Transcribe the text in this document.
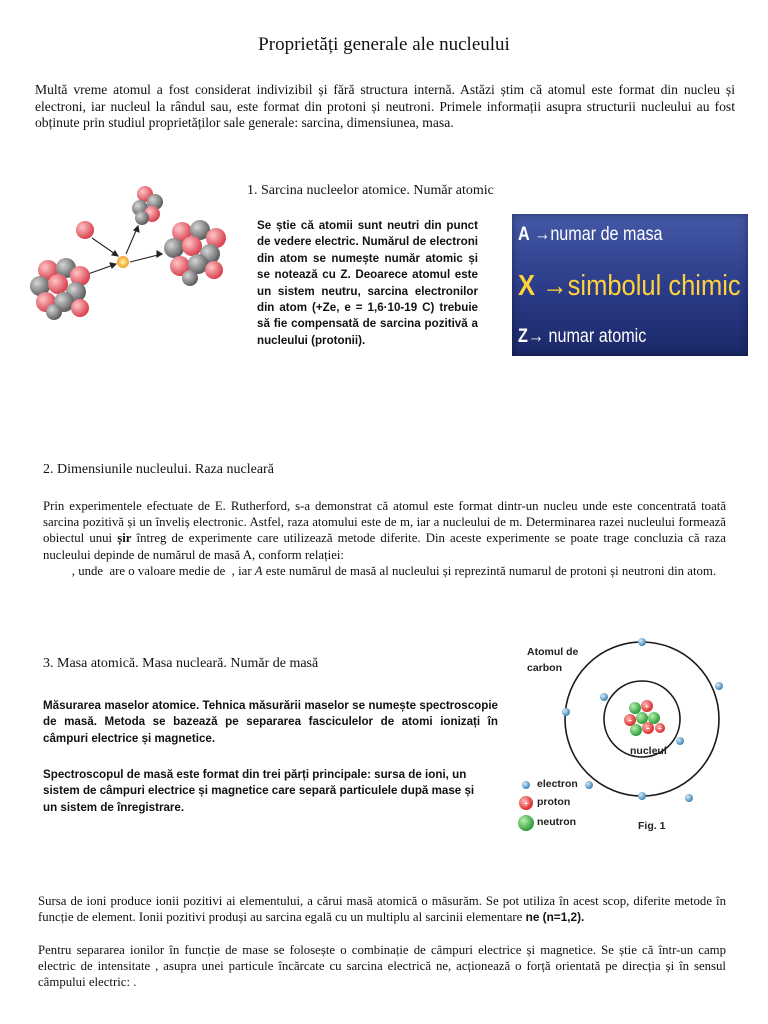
Proprietăți generale ale nucleului
Multă vreme atomul a fost considerat indivizibil și fără structura internă. Astăzi știm că atomul este format din nucleu și electroni, iar nucleul la rândul sau, este format din protoni și neutroni. Primele informații asupra structurii nucleului au fost obținute prin studiul proprietăților sale generale: sarcina, dimensiunea, masa.
1. Sarcina nucleelor atomice. Număr atomic
Se știe că atomii sunt neutri din punct de vedere electric. Numărul de electroni din atom se numește număr atomic și se notează cu Z. Deoarece atomul este un sistem neutru, sarcina electronilor din atom (+Ze, e = 1,6·10-19 C) trebuie să fie compensată de sarcina pozitivă a nucleului (protonii).
A →numar de masa
X →simbolul chimic
Z→ numar atomic
2. Dimensiunile nucleului. Raza nucleară
Prin experimentele efectuate de E. Rutherford, s-a demonstrat că atomul este format dintr-un nucleu unde este concentrată toată sarcina pozitivă și un înveliș electronic. Astfel, raza atomului este de m, iar a nucleului de m. Determinarea razei nucleului formează obiectul unui șir întreg de experimente care utilizează metode diferite. Din aceste experimente se poate trage concluzia că raza nucleului depinde de numărul de masă A, conform relației:
, unde  are o valoare medie de  , iar A este numărul de masă al nucleului și reprezintă numarul de protoni și neutroni din atom.
3. Masa atomică. Masa nucleară. Număr de masă
Măsurarea maselor atomice. Tehnica măsurării maselor se numește spectroscopie de masă. Metoda se bazează pe separarea fasciculelor de atomi ionizați în câmpuri electrice și magnetice.
Spectroscopul de masă este format din trei părți principale: sursa de ioni, un sistem de câmpuri electrice și magnetice care separă particulele după mase și un sistem de înregistrare.
+
+
+ +
+
Atomul de
carbon
nucleul
electron
proton
neutron	Fig. 1
Sursa de ioni produce ionii pozitivi ai elementului, a cărui masă atomică o măsurăm. Se pot utiliza în acest scop, diferite metode în funcție de element. Ionii pozitivi produși au sarcina egală cu un multiplu al sarcinii elementare ne (n=1,2).
Pentru separarea ionilor în funcție de mase se folosește o combinație de câmpuri electrice și magnetice. Se știe că într-un camp electric de intensitate , asupra unei particule încărcate cu sarcina electrică ne, acționează o forță orientată pe direcția și în sensul câmpului electric: .
